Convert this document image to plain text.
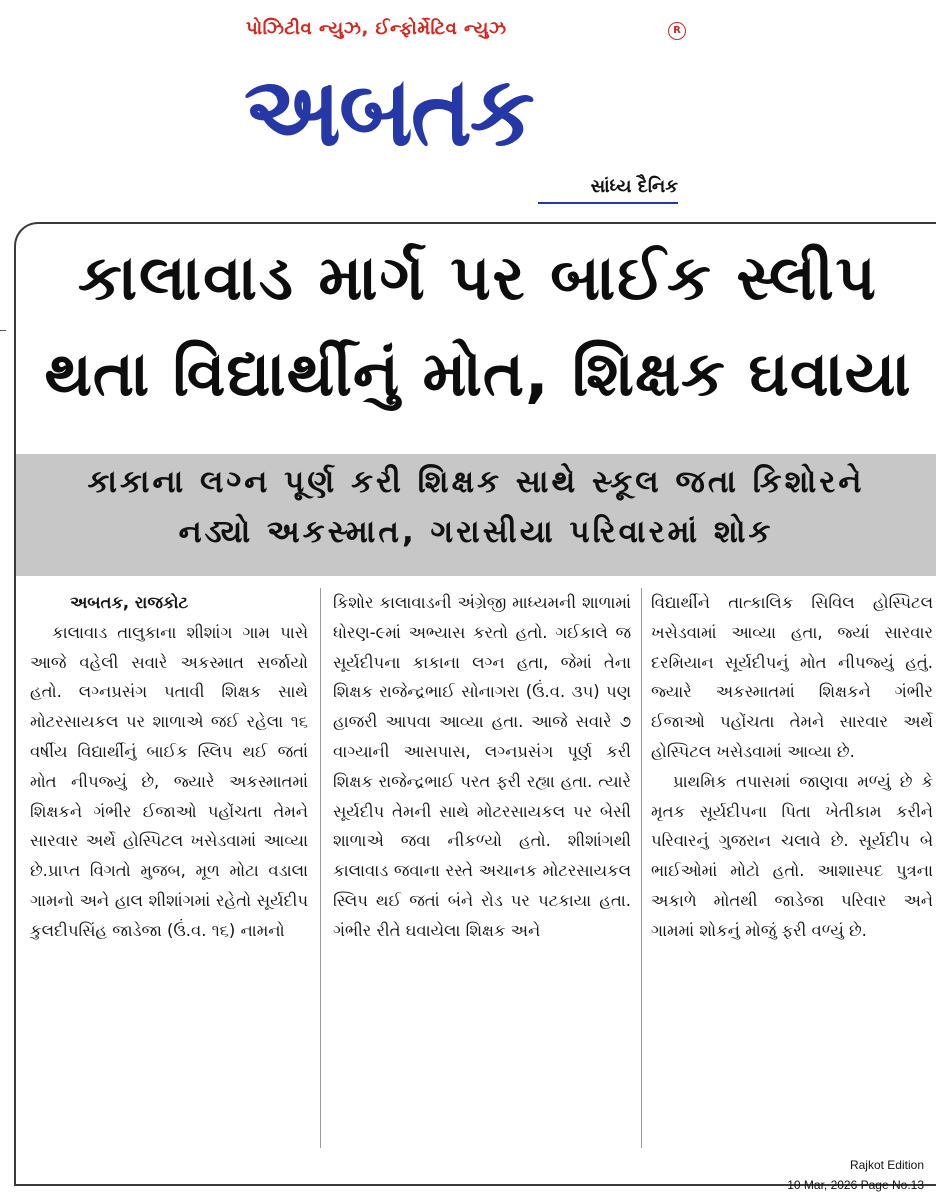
પોઝિટીવ ન્યુઝ, ઈન્ફોર્મેટિવ ન્યુઝ	R
અબતક
સાંધ્ય દૈનિક
કાલાવાડ માર્ગ પર બાઈક સ્લીપ
થતા વિદ્યાર્થીનું મોત, શિક્ષક ઘવાયા
કાકાના લગ્ન પૂર્ણ કરી શિક્ષક સાથે સ્કૂલ જતા કિશોરને
નડ્યો અકસ્માત, ગરાસીયા પરિવારમાં શોક
અબતક, રાજકોટ

કાલાવાડ તાલુકાના શીશાંગ ગામ પાસે આજે વહેલી સવારે અકસ્માત સર્જાયો હતો. લગ્નપ્રસંગ પતાવી શિક્ષક સાથે મોટરસાયકલ પર શાળાએ જઈ રહેલા ૧૬ વર્ષીય વિદ્યાર્થીનું બાઈક સ્લિપ થઈ જતાં મોત નીપજ્યું છે, જ્યારે અકસ્માતમાં શિક્ષકને ગંભીર ઈજાઓ પહોંચતા તેમને સારવાર અર્થે હોસ્પિટલ ખસેડવામાં આવ્યા છે.પ્રાપ્ત વિગતો મુજબ, મૂળ મોટા વડાલા ગામનો અને હાલ શીશાંગમાં રહેતો સૂર્યદીપ કુલદીપસિંહ જાડેજા (ઉં.વ. ૧૬) નામનો

કિશોર કાલાવાડની અંગ્રેજી માધ્યમની શાળામાં ધોરણ-૯માં અભ્યાસ કરતો હતો. ગઈકાલે જ સૂર્યદીપના કાકાના લગ્ન હતા, જેમાં તેના શિક્ષક રાજેન્દ્રભાઈ સોનાગરા (ઉં.વ. ૩૫) પણ હાજરી આપવા આવ્યા હતા. આજે સવારે ૭ વાગ્યાની આસપાસ, લગ્નપ્રસંગ પૂર્ણ કરી શિક્ષક રાજેન્દ્રભાઈ પરત ફરી રહ્યા હતા. ત્યારે સૂર્યદીપ તેમની સાથે મોટરસાયકલ પર બેસી શાળાએ જવા નીકળ્યો હતો. શીશાંગથી કાલાવાડ જવાના રસ્તે અચાનક મોટરસાયકલ સ્લિપ થઈ જતાં બંને રોડ પર પટકાયા હતા. ગંભીર રીતે ઘવાયેલા શિક્ષક અને

વિદ્યાર્થીને તાત્કાલિક સિવિલ હોસ્પિટલ ખસેડવામાં આવ્યા હતા, જ્યાં સારવાર દરમિયાન સૂર્યદીપનું મોત નીપજ્યું હતું. જ્યારે અકસ્માતમાં શિક્ષકને ગંભીર ઈજાઓ પહોંચતા તેમને સારવાર અર્થે હોસ્પિટલ ખસેડવામાં આવ્યા છે.

પ્રાથમિક તપાસમાં જાણવા મળ્યું છે કે મૃતક સૂર્યદીપના પિતા ખેતીકામ કરીને પરિવારનું ગુજરાન ચલાવે છે. સૂર્યદીપ બે ભાઈઓમાં મોટો હતો. આશાસ્પદ પુત્રના અકાળે મોતથી જાડેજા પરિવાર અને ગામમાં શોકનું મોજું ફરી વળ્યું છે.

Rajkot Edition
10 Mar, 2026 Page No.13
